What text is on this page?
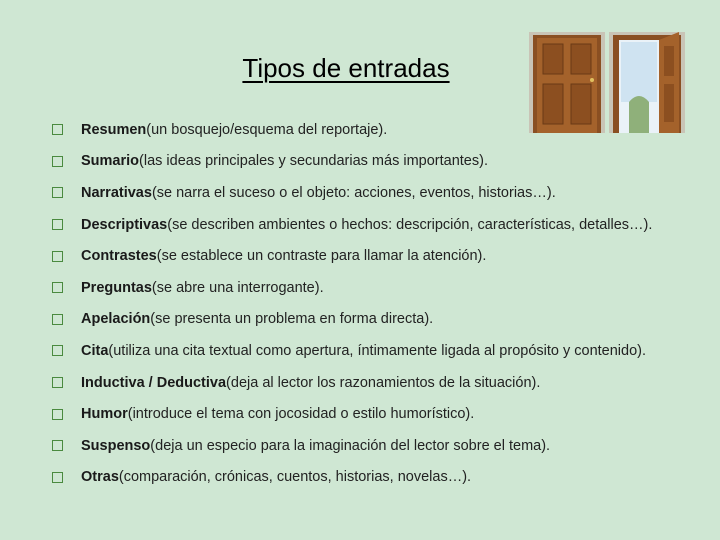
Tipos de entradas
Resumen (un bosquejo/esquema del reportaje).
Sumario (las ideas principales y secundarias más importantes).
Narrativas (se narra el suceso o el objeto: acciones, eventos, historias…).
Descriptivas (se describen ambientes o hechos: descripción, características, detalles…).
Contrastes (se establece un contraste para llamar la atención).
Preguntas (se abre una interrogante).
Apelación (se presenta un problema en forma directa).
Cita (utiliza una cita textual como apertura, íntimamente ligada al propósito y contenido).
Inductiva / Deductiva (deja al lector los razonamientos de la situación).
Humor (introduce el tema con jocosidad o estilo humorístico).
Suspenso (deja un especio para la imaginación del lector sobre el tema).
Otras (comparación, crónicas, cuentos, historias, novelas…).
